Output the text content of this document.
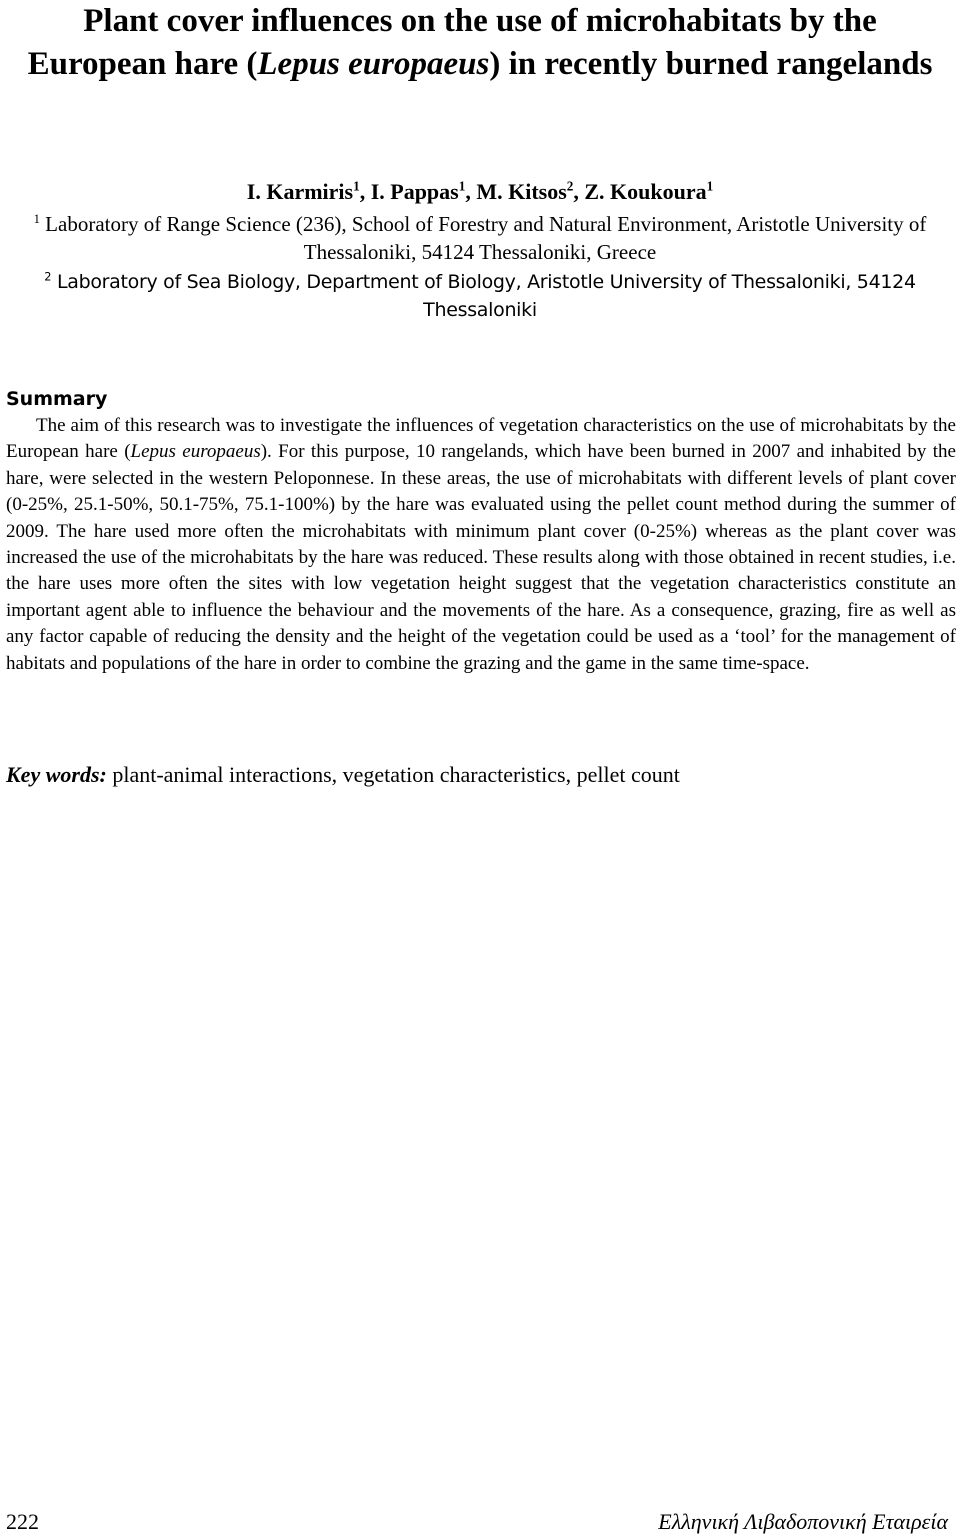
Plant cover influences on the use of microhabitats by the European hare (Lepus europaeus) in recently burned rangelands
I. Karmiris$^1$, I. Pappas$^1$, M. Kitsos$^2$, Z. Koukoura$^1$
$^1$ Laboratory of Range Science (236), School of Forestry and Natural Environment, Aristotle University of Thessaloniki, 54124 Thessaloniki, Greece
$^2$ Laboratory of Sea Biology, Department of Biology, Aristotle University of Thessaloniki, 54124 Thessaloniki
Summary

The aim of this research was to investigate the influences of vegetation characteristics on the use of microhabitats by the European hare (Lepus europaeus). For this purpose, 10 rangelands, which have been burned in 2007 and inhabited by the hare, were selected in the western Peloponnese. In these areas, the use of microhabitats with different levels of plant cover (0-25%, 25.1-50%, 50.1-75%, 75.1-100%) by the hare was evaluated using the pellet count method during the summer of 2009. The hare used more often the microhabitats with minimum plant cover (0-25%) whereas as the plant cover was increased the use of the microhabitats by the hare was reduced. These results along with those obtained in recent studies, i.e. the hare uses more often the sites with low vegetation height suggest that the vegetation characteristics constitute an important agent able to influence the behaviour and the movements of the hare. As a consequence, grazing, fire as well as any factor capable of reducing the density and the height of the vegetation could be used as a ‘tool’ for the management of habitats and populations of the hare in order to combine the grazing and the game in the same time-space.

Key words: plant-animal interactions, vegetation characteristics, pellet count

222	Ελληνική Λιβαδοπονική Εταιρεία
